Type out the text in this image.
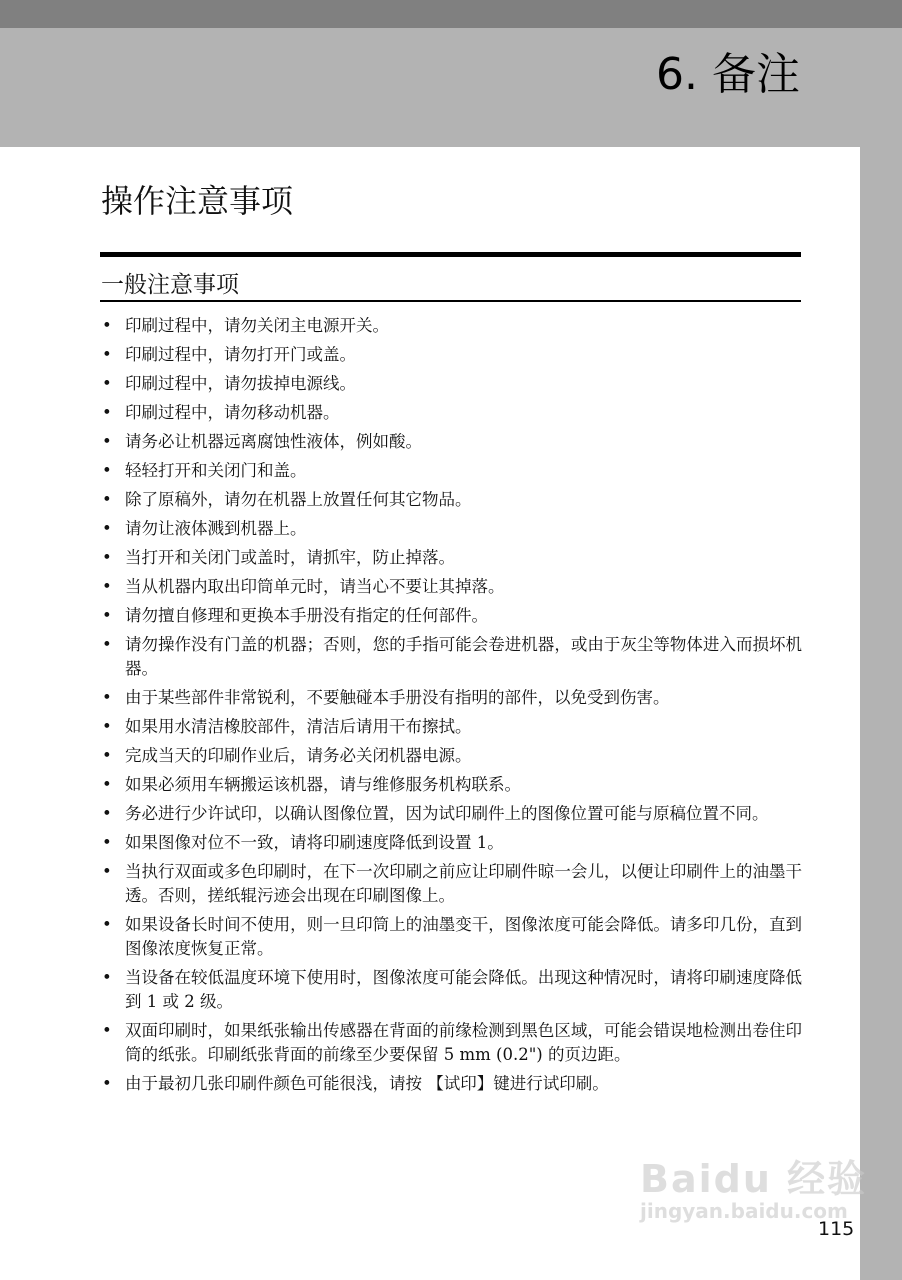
6. 备注
操作注意事项
一般注意事项
• 印刷过程中，请勿关闭主电源开关。
• 印刷过程中，请勿打开门或盖。
• 印刷过程中，请勿拔掉电源线。
• 印刷过程中，请勿移动机器。
• 请务必让机器远离腐蚀性液体，例如酸。
• 轻轻打开和关闭门和盖。
• 除了原稿外，请勿在机器上放置任何其它物品。
• 请勿让液体溅到机器上。
• 当打开和关闭门或盖时，请抓牢，防止掉落。
• 当从机器内取出印筒单元时，请当心不要让其掉落。
• 请勿擅自修理和更换本手册没有指定的任何部件。
• 请勿操作没有门盖的机器；否则，您的手指可能会卷进机器，或由于灰尘等物体进入而损坏机器。
• 由于某些部件非常锐利，不要触碰本手册没有指明的部件，以免受到伤害。
• 如果用水清洁橡胶部件，清洁后请用干布擦拭。
• 完成当天的印刷作业后，请务必关闭机器电源。
• 如果必须用车辆搬运该机器，请与维修服务机构联系。
• 务必进行少许试印，以确认图像位置，因为试印刷件上的图像位置可能与原稿位置不同。
• 如果图像对位不一致，请将印刷速度降低到设置 1。
• 当执行双面或多色印刷时，在下一次印刷之前应让印刷件晾一会儿，以便让印刷件上的油墨干透。否则，搓纸辊污迹会出现在印刷图像上。
• 如果设备长时间不使用，则一旦印筒上的油墨变干，图像浓度可能会降低。请多印几份，直到图像浓度恢复正常。
• 当设备在较低温度环境下使用时，图像浓度可能会降低。出现这种情况时，请将印刷速度降低到 1 或 2 级。
• 双面印刷时，如果纸张输出传感器在背面的前缘检测到黑色区域，可能会错误地检测出卷住印筒的纸张。印刷纸张背面的前缘至少要保留 5 mm (0.2") 的页边距。
• 由于最初几张印刷件颜色可能很浅，请按 【试印】键进行试印刷。
Baidu 经验
jingyan.baidu.com
115
